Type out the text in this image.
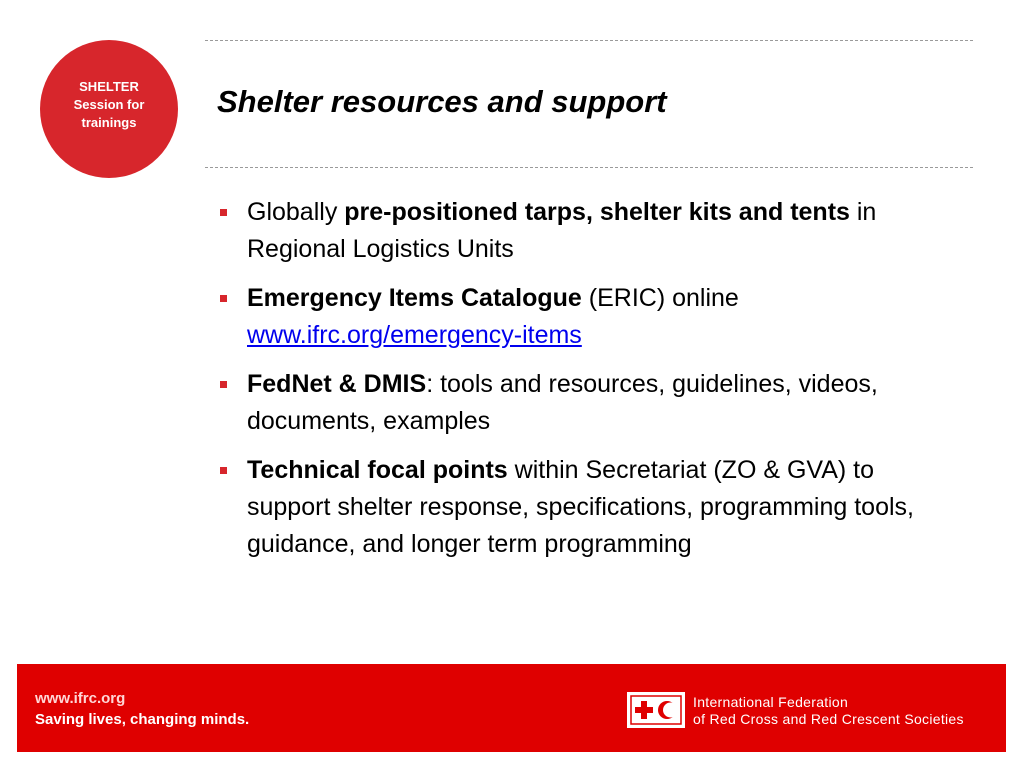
SHELTER
Session for
trainings
Shelter resources and support
Globally pre-positioned tarps, shelter kits and tents in Regional Logistics Units
Emergency Items Catalogue (ERIC) online www.ifrc.org/emergency-items
FedNet & DMIS: tools and resources, guidelines, videos, documents, examples
Technical focal points within Secretariat (ZO & GVA) to support shelter response, specifications, programming tools, guidance, and longer term programming
www.ifrc.org
Saving lives, changing minds.
International Federation
of Red Cross and Red Crescent Societies
